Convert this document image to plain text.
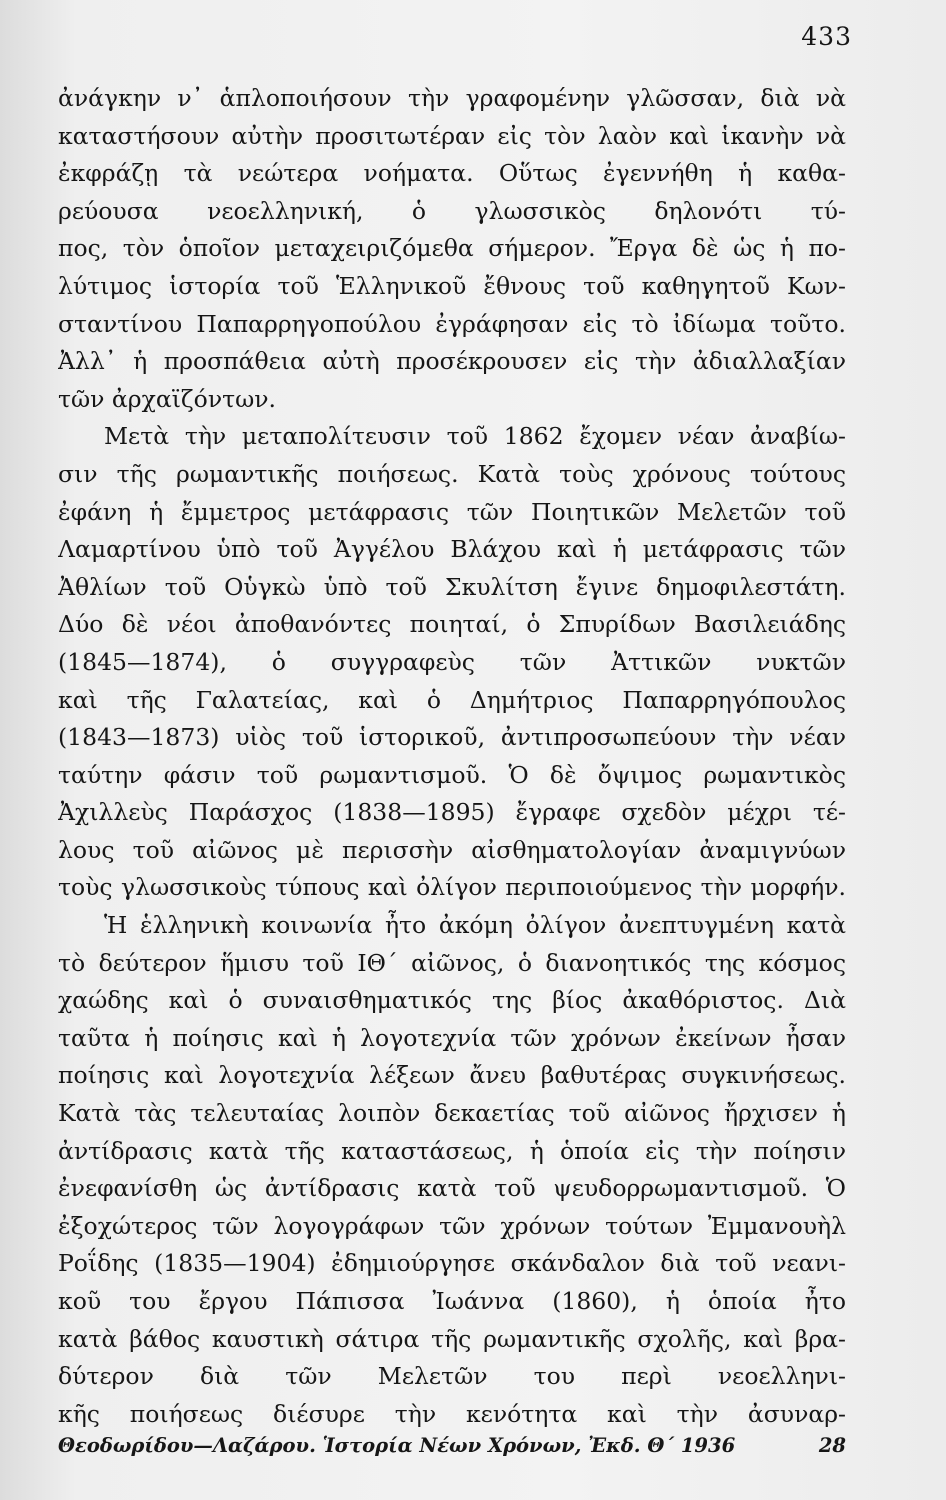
433
ἀνάγκην ν᾽ ἁπλοποιήσουν τὴν γραφομένην γλῶσσαν, διὰ νὰ
καταστήσουν αὐτὴν προσιτωτέραν εἰς τὸν λαὸν καὶ ἱκανὴν νὰ
ἐκφράζῃ τὰ νεώτερα νοήματα. Οὕτως ἐγεννήθη ἡ καθα-
ρεύουσα νεοελληνική, ὁ γλωσσικὸς δηλονότι τύ-
πος, τὸν ὁποῖον μεταχειριζόμεθα σήμερον. Ἔργα δὲ ὡς ἡ πο-
λύτιμος ἱστορία τοῦ Ἑλληνικοῦ ἔθνους τοῦ καθηγητοῦ Κων-
σταντίνου Παπαρρηγοπούλου ἐγράφησαν εἰς τὸ ἰδίωμα τοῦτο.
Ἀλλ᾽ ἡ προσπάθεια αὐτὴ προσέκρουσεν εἰς τὴν ἀδιαλλαξίαν
τῶν ἀρχαϊζόντων.
Μετὰ τὴν μεταπολίτευσιν τοῦ 1862 ἔχομεν νέαν ἀναβίω-
σιν τῆς ρωμαντικῆς ποιήσεως. Κατὰ τοὺς χρόνους τούτους
ἐφάνη ἡ ἔμμετρος μετάφρασις τῶν Ποιητικῶν Μελετῶν τοῦ
Λαμαρτίνου ὑπὸ τοῦ Ἀγγέλου Βλάχου καὶ ἡ μετάφρασις τῶν
Ἀθλίων τοῦ Οὑγκὼ ὑπὸ τοῦ Σκυλίτση ἔγινε δημοφιλεστάτη.
Δύο δὲ νέοι ἀποθανόντες ποιηταί, ὁ Σπυρίδων Βασιλειάδης
(1845—1874), ὁ συγγραφεὺς τῶν Ἀττικῶν νυκτῶν
καὶ τῆς Γαλατείας, καὶ ὁ Δημήτριος Παπαρρηγόπουλος
(1843—1873) υἱὸς τοῦ ἱστορικοῦ, ἀντιπροσωπεύουν τὴν νέαν
ταύτην φάσιν τοῦ ρωμαντισμοῦ. Ὁ δὲ ὄψιμος ρωμαντικὸς
Ἀχιλλεὺς Παράσχος (1838—1895) ἔγραφε σχεδὸν μέχρι τέ-
λους τοῦ αἰῶνος μὲ περισσὴν αἰσθηματολογίαν ἀναμιγνύων
τοὺς γλωσσικοὺς τύπους καὶ ὀλίγον περιποιούμενος τὴν μορφήν.
Ἡ ἑλληνικὴ κοινωνία ἦτο ἀκόμη ὀλίγον ἀνεπτυγμένη κατὰ
τὸ δεύτερον ἥμισυ τοῦ ΙΘ´ αἰῶνος, ὁ διανοητικός της κόσμος
χαώδης καὶ ὁ συναισθηματικός της βίος ἀκαθόριστος. Διὰ
ταῦτα ἡ ποίησις καὶ ἡ λογοτεχνία τῶν χρόνων ἐκείνων ἦσαν
ποίησις καὶ λογοτεχνία λέξεων ἄνευ βαθυτέρας συγκινήσεως.
Κατὰ τὰς τελευταίας λοιπὸν δεκαετίας τοῦ αἰῶνος ἤρχισεν ἡ
ἀντίδρασις κατὰ τῆς καταστάσεως, ἡ ὁποία εἰς τὴν ποίησιν
ἐνεφανίσθη ὡς ἀντίδρασις κατὰ τοῦ ψευδορρωμαντισμοῦ. Ὁ
ἐξοχώτερος τῶν λογογράφων τῶν χρόνων τούτων Ἐμμανουὴλ
Ροΐδης (1835—1904) ἐδημιούργησε σκάνδαλον διὰ τοῦ νεανι-
κοῦ του ἔργου Πάπισσα Ἰωάννα (1860), ἡ ὁποία ἦτο
κατὰ βάθος καυστικὴ σάτιρα τῆς ρωμαντικῆς σχολῆς, καὶ βρα-
δύτερον διὰ τῶν Μελετῶν του περὶ νεοελληνι-
κῆς ποιήσεως διέσυρε τὴν κενότητα καὶ τὴν ἀσυναρ-
Θεοδωρίδου—Λαζάρου. Ἱστορία Νέων Χρόνων, Ἐκδ. Θ´ 1936	28
